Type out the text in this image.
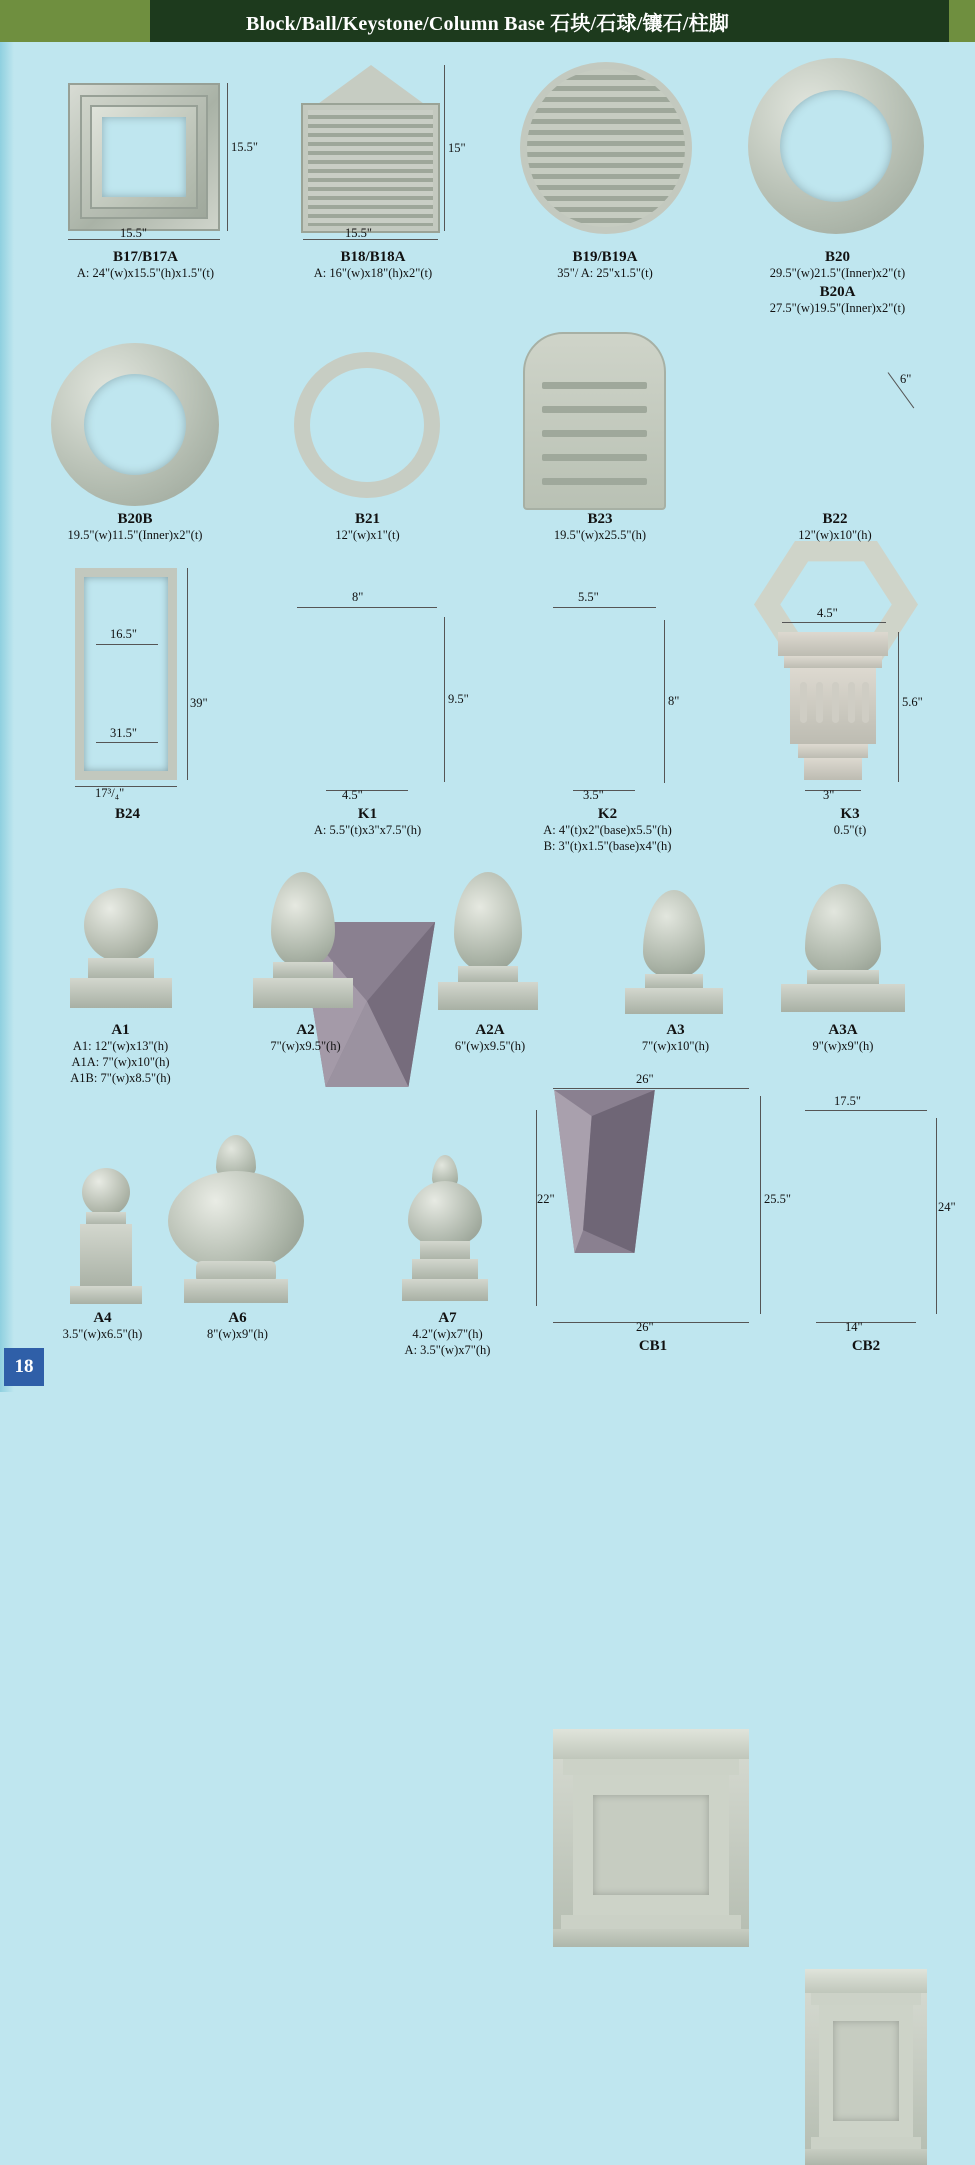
Block/Ball/Keystone/Column Base 石块/石球/镶石/柱脚
18
15.5"
15.5"
B17/B17A
A: 24"(w)x15.5"(h)x1.5"(t)
15"
15.5"
B18/B18A
A: 16"(w)x18"(h)x2"(t)
B19/B19A
35"/ A: 25"x1.5"(t)
B20
29.5"(w)21.5"(Inner)x2"(t)
B20A
27.5"(w)19.5"(Inner)x2"(t)
B20B
19.5"(w)11.5"(Inner)x2"(t)
B21
12"(w)x1"(t)
B23
19.5"(w)x25.5"(h)
6"
B22
12"(w)x10"(h)
16.5"
31.5"
39"
17³/₄"
B24
8"
9.5"
4.5"
K1
A: 5.5"(t)x3"x7.5"(h)
5.5"
8"
3.5"
K2
A: 4"(t)x2"(base)x5.5"(h)
B: 3"(t)x1.5"(base)x4"(h)
4.5"
5.6"
3"
K3
0.5"(t)
A1
A1: 12"(w)x13"(h)
A1A: 7"(w)x10"(h)
A1B: 7"(w)x8.5"(h)
A2
7"(w)x9.5"(h)
A2A
6"(w)x9.5"(h)
A3
7"(w)x10"(h)
A3A
9"(w)x9"(h)
A4
3.5"(w)x6.5"(h)
A6
8"(w)x9"(h)
A7
4.2"(w)x7"(h)
A: 3.5"(w)x7"(h)
26"
22"	25.5"
26"
CB1
17.5"
24"
14"
CB2
